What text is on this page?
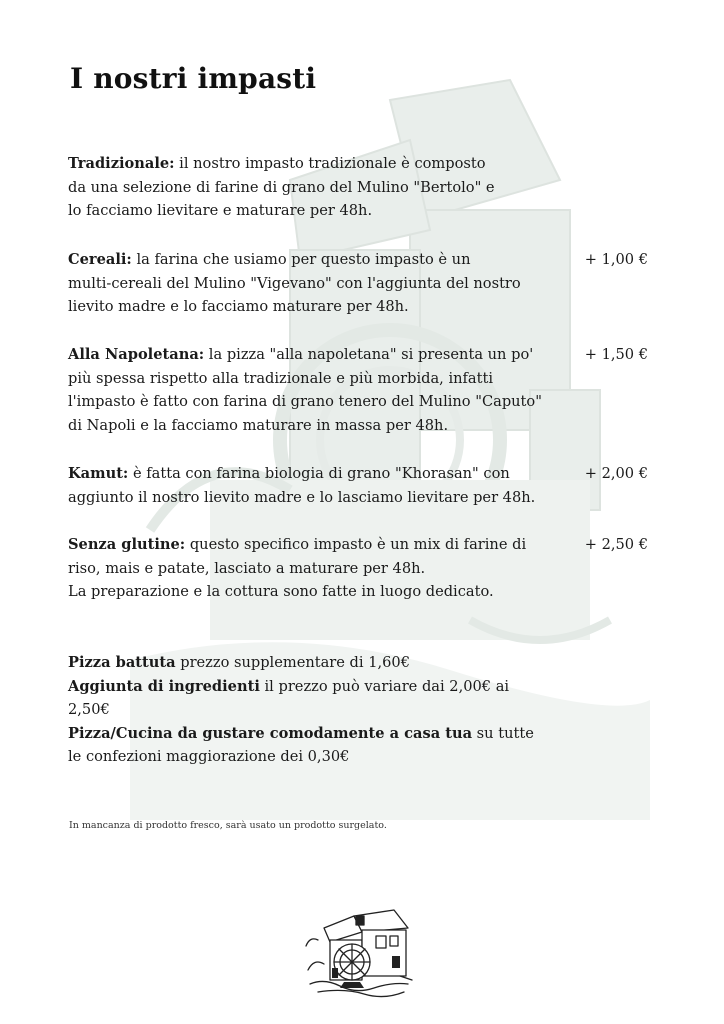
I nostri impasti
Tradizionale: il nostro impasto tradizionale è composto
da una selezione di farine di grano del Mulino "Bertolo" e
lo facciamo lievitare e maturare per 48h.
Cereali: la farina che usiamo per questo impasto è un
multi-cereali del Mulino "Vigevano" con l'aggiunta del nostro
lievito madre e lo facciamo maturare per 48h.
+ 1,00 €
Alla Napoletana: la pizza "alla napoletana" si presenta un po'
più spessa rispetto alla tradizionale e più morbida, infatti
l'impasto è fatto con farina di grano tenero del Mulino "Caputo"
di Napoli e la facciamo maturare in massa per 48h.
+ 1,50 €
Kamut: è fatta con farina biologia di grano "Khorasan" con
aggiunto il nostro lievito madre e lo lasciamo lievitare per 48h.
+ 2,00 €
Senza glutine: questo specifico impasto è un mix di farine di
riso, mais e patate, lasciato a maturare per 48h.
La preparazione e la cottura sono fatte in luogo dedicato.
+ 2,50 €
Pizza battuta prezzo supplementare di 1,60€
Aggiunta di ingredienti il prezzo può variare dai 2,00€ ai
2,50€
Pizza/Cucina da gustare comodamente a casa tua su tutte
le confezioni maggiorazione dei 0,30€
In mancanza di prodotto fresco, sarà usato un prodotto surgelato.
